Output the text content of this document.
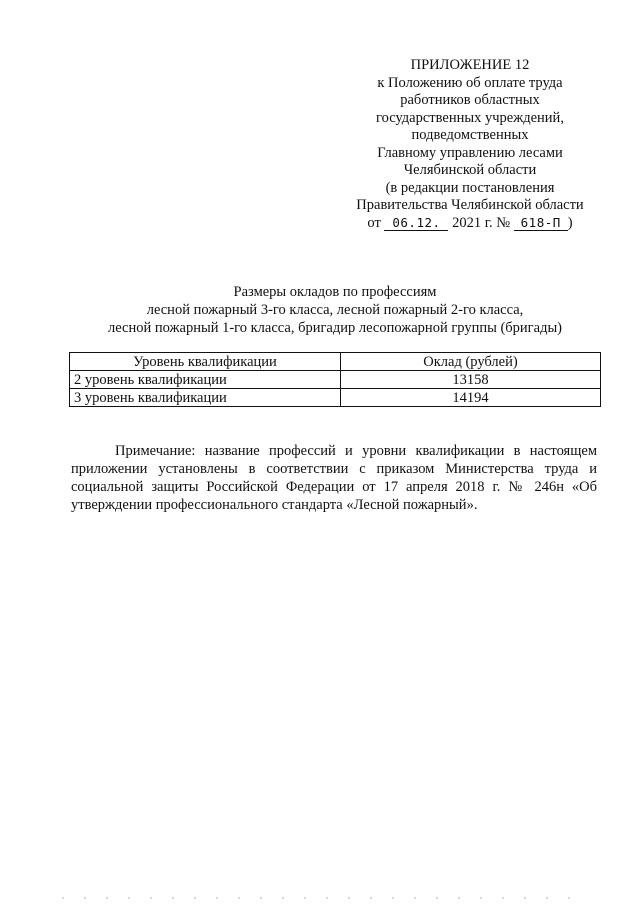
ПРИЛОЖЕНИЕ 12
к Положению об оплате труда
работников областных
государственных учреждений,
подведомственных
Главному управлению лесами
Челябинской области
(в редакции постановления
Правительства Челябинской области
от 06.12. 2021 г. № 618-П )
Размеры окладов по профессиям
лесной пожарный 3-го класса, лесной пожарный 2-го класса,
лесной пожарный 1-го класса, бригадир лесопожарной группы (бригады)
Уровень квалификации	Оклад (рублей)
2 уровень квалификации	13158
3 уровень квалификации	14194

Примечание: название профессий и уровни квалификации в настоящем приложении установлены в соответствии с приказом Министерства труда и социальной защиты Российской Федерации от 17 апреля 2018 г. № 246н «Об утверждении профессионального стандарта «Лесной пожарный».
